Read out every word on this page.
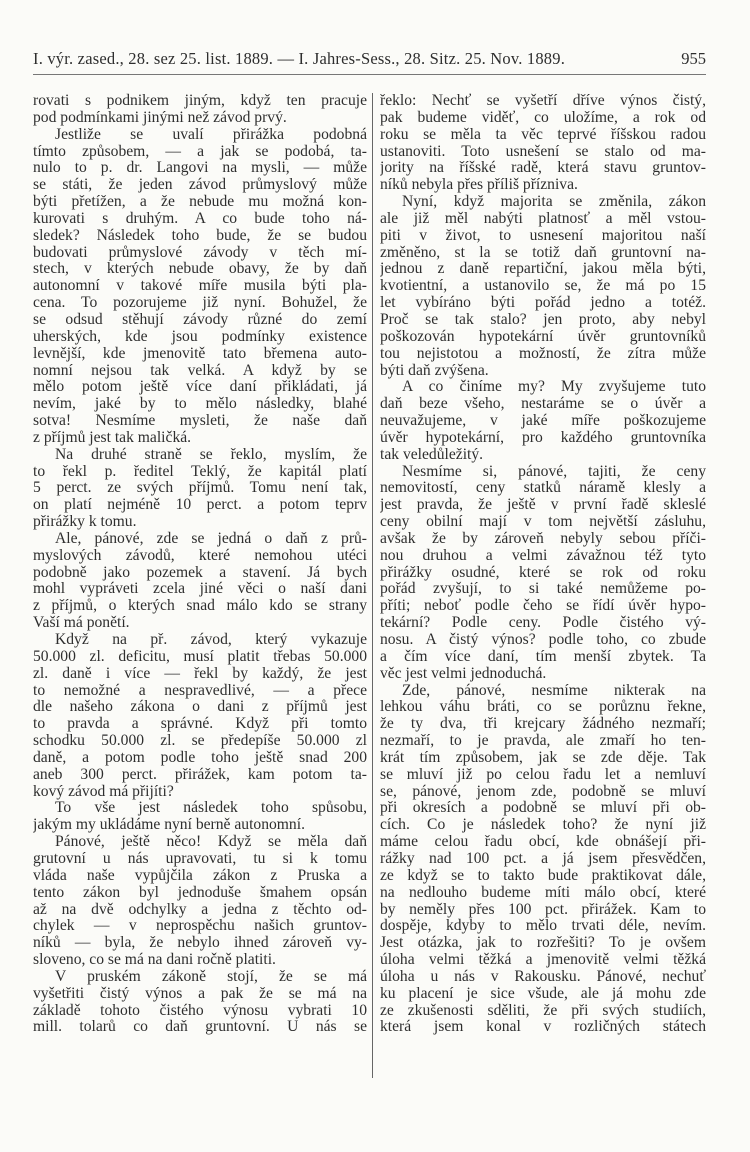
I. výr. zased., 28. sez 25. list. 1889. — I. Jahres-Sess., 28. Sitz. 25. Nov. 1889.	955
rovati s podnikem jiným, když ten pracuje
pod podmínkami jinými než závod prvý.
Jestliže se uvalí přirážka podobná
tímto způsobem, — a jak se podobá, ta-
nulo to p. dr. Langovi na mysli, — může
se státi, že jeden závod průmyslový může
býti přetížen, a že nebude mu možná kon-
kurovati s druhým. A co bude toho ná-
sledek? Následek toho bude, že se budou
budovati průmyslové závody v těch mí-
stech, v kterých nebude obavy, že by daň
autonomní v takové míře musila býti pla-
cena. To pozorujeme již nyní. Bohužel, že
se odsud stěhují závody různé do zemí
uherských, kde jsou podmínky existence
levnější, kde jmenovitě tato břemena auto-
nomní nejsou tak velká. A když by se
mělo potom ještě více daní přikládati, já
nevím, jaké by to mělo následky, blahé
sotva! Nesmíme mysleti, že naše daň
z příjmů jest tak maličká.
Na druhé straně se řeklo, myslím, že
to řekl p. ředitel Teklý, že kapitál platí
5 perct. ze svých příjmů. Tomu není tak,
on platí nejméně 10 perct. a potom teprv
přirážky k tomu.
Ale, pánové, zde se jedná o daň z prů-
myslových závodů, které nemohou utéci
podobně jako pozemek a stavení. Já bych
mohl vypráveti zcela jiné věci o naší dani
z příjmů, o kterých snad málo kdo se strany
Vaší má ponětí.
Když na př. závod, který vykazuje
50.000 zl. deficitu, musí platit třebas 50.000
zl. daně i více — řekl by každý, že jest
to nemožné a nespravedlivé, — a přece
dle našeho zákona o dani z příjmů jest
to pravda a správné. Když při tomto
schodku 50.000 zl. se předepíše 50.000 zl
daně, a potom podle toho ještě snad 200
aneb 300 perct. přirážek, kam potom ta-
kový závod má přijíti?
To vše jest následek toho spůsobu,
jakým my ukládáme nyní berně autonomní.
Pánové, ještě něco! Když se měla daň
grutovní u nás upravovati, tu si k tomu
vláda naše vypůjčila zákon z Pruska a
tento zákon byl jednoduše šmahem opsán
až na dvě odchylky a jedna z těchto od-
chylek — v neprospěchu našich gruntov-
níků — byla, že nebylo ihned zároveň vy-
sloveno, co se má na dani ročně platiti.
V pruském zákoně stojí, že se má
vyšetřiti čistý výnos a pak že se má na
základě tohoto čistého výnosu vybrati 10
mill. tolarů co daň gruntovní. U nás se
řeklo: Nechť se vyšetří dříve výnos čistý,
pak budeme viděť, co uložíme, a rok od
roku se měla ta věc teprvé říšskou radou
ustanoviti. Toto usnešení se stalo od ma-
jority na říšské radě, která stavu gruntov-
níků nebyla přes příliš přízniva.
Nyní, když majorita se změnila, zákon
ale již měl nabýti platnosť a měl vstou-
piti v život, to usnesení majoritou naší
změněno, st la se totiž daň gruntovní na-
jednou z daně repartiční, jakou měla býti,
kvotientní, a ustanovilo se, že má po 15
let vybíráno býti pořád jedno a totéž.
Proč se tak stalo? jen proto, aby nebyl
poškozován hypotekární úvěr gruntovníků
tou nejistotou a možností, že zítra může
býti daň zvýšena.
A co činíme my? My zvyšujeme tuto
daň beze všeho, nestaráme se o úvěr a
neuvažujeme, v jaké míře poškozujeme
úvěr hypotekární, pro každého gruntovníka
tak veledůležitý.
Nesmíme si, pánové, tajiti, že ceny
nemovitostí, ceny statků náramě klesly a
jest pravda, že ještě v první řadě skleslé
ceny obilní mají v tom největší zásluhu,
avšak že by zároveň nebyly sebou příči-
nou druhou a velmi závažnou též tyto
přirážky osudné, které se rok od roku
pořád zvyšují, to si také nemůžeme po-
příti; neboť podle čeho se řídí úvěr hypo-
tekární? Podle ceny. Podle čistého vý-
nosu. A čistý výnos? podle toho, co zbude
a čím více daní, tím menší zbytek. Ta
věc jest velmi jednoduchá.
Zde, pánové, nesmíme nikterak na
lehkou váhu bráti, co se porůznu řekne,
že ty dva, tři krejcary žádného nezmaří;
nezmaří, to je pravda, ale zmaří ho ten-
krát tím způsobem, jak se zde děje. Tak
se mluví již po celou řadu let a nemluví
se, pánové, jenom zde, podobně se mluví
při okresích a podobně se mluví při ob-
cích. Co je následek toho? že nyní již
máme celou řadu obcí, kde obnášejí při-
rážky nad 100 pct. a já jsem přesvědčen,
ze když se to takto bude praktikovat dále,
na nedlouho budeme míti málo obcí, které
by neměly přes 100 pct. přirážek. Kam to
dospěje, kdyby to mělo trvati déle, nevím.
Jest otázka, jak to rozřešiti? To je ovšem
úloha velmi těžká a jmenovitě velmi těžká
úloha u nás v Rakousku. Pánové, nechuť
ku placení je sice všude, ale já mohu zde
ze zkušenosti sděliti, že při svých studiích,
která jsem konal v rozličných státech
